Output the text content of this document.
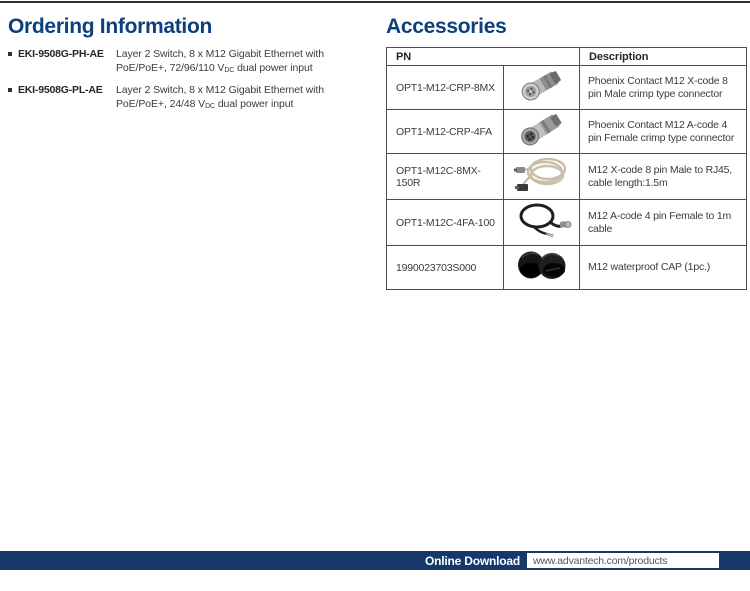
Ordering Information
EKI-9508G-PH-AE	Layer 2 Switch, 8 x M12 Gigabit Ethernet with PoE/PoE+, 72/96/110 $V_{DC}$ dual power input
EKI-9508G-PL-AE	Layer 2 Switch, 8 x M12 Gigabit Ethernet with PoE/PoE+, 24/48 $V_{DC}$ dual power input
Accessories
PN		Description
OPT1-M12-CRP-8MX		Phoenix Contact M12 X-code 8 pin Male crimp type connector
OPT1-M12-CRP-4FA		Phoenix Contact M12 A-code 4 pin Female crimp type connector
OPT1-M12C-8MX-150R		M12 X-code 8 pin Male to RJ45, cable length:1.5m
OPT1-M12C-4FA-100		M12 A-code 4 pin Female to 1m cable
1990023703S000		M12 waterproof CAP (1pc.)
Online Download	www.advantech.com/products
